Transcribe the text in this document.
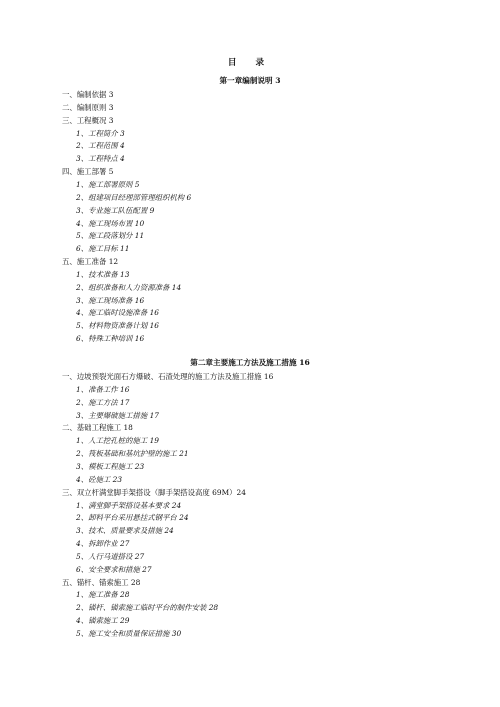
目 录
第一章编制说明 3
一、编制依据 3
二、编制原则 3
三、工程概况 3
1、工程简介 3
2、工程范围 4
3、工程特点 4
四、施工部署 5
1、施工部署原则 5
2、组建项目经理部管理组织机构 6
3、专业施工队伍配置 9
4、施工现场布置 10
5、施工段落划分 11
6、施工目标 11
五、施工准备 12
1、技术准备 13
2、组织准备和人力资源准备 14
3、施工现场准备 16
4、施工临时设施准备 16
5、材料物资准备计划 16
6、特殊工种培训 16
第二章主要施工方法及施工措施 16
一、边坡预裂光面石方爆破、石渣处理的施工方法及施工措施 16
1、准备工作 16
2、施工方法 17
3、主要爆破施工措施 17
二、基础工程施工 18
1、人工挖孔桩的施工 19
2、筏板基础和基坑护壁的施工 21
3、模板工程施工 23
4、砼施工 23
三、双立杆满堂脚手架搭设（脚手架搭设高度 69M）24
1、满堂脚手架搭设基本要求 24
2、卸料平台采用悬挂式钢平台 24
3、技术、质量要求及措施 24
4、拆卸作业 27
5、人行马道搭设 27
6、安全要求和措施 27
五、锚杆、锚索施工 28
1、施工准备 28
2、锚杆、锚索施工临时平台的制作安装 28
4、锚索施工 29
5、施工安全和质量保证措施 30
